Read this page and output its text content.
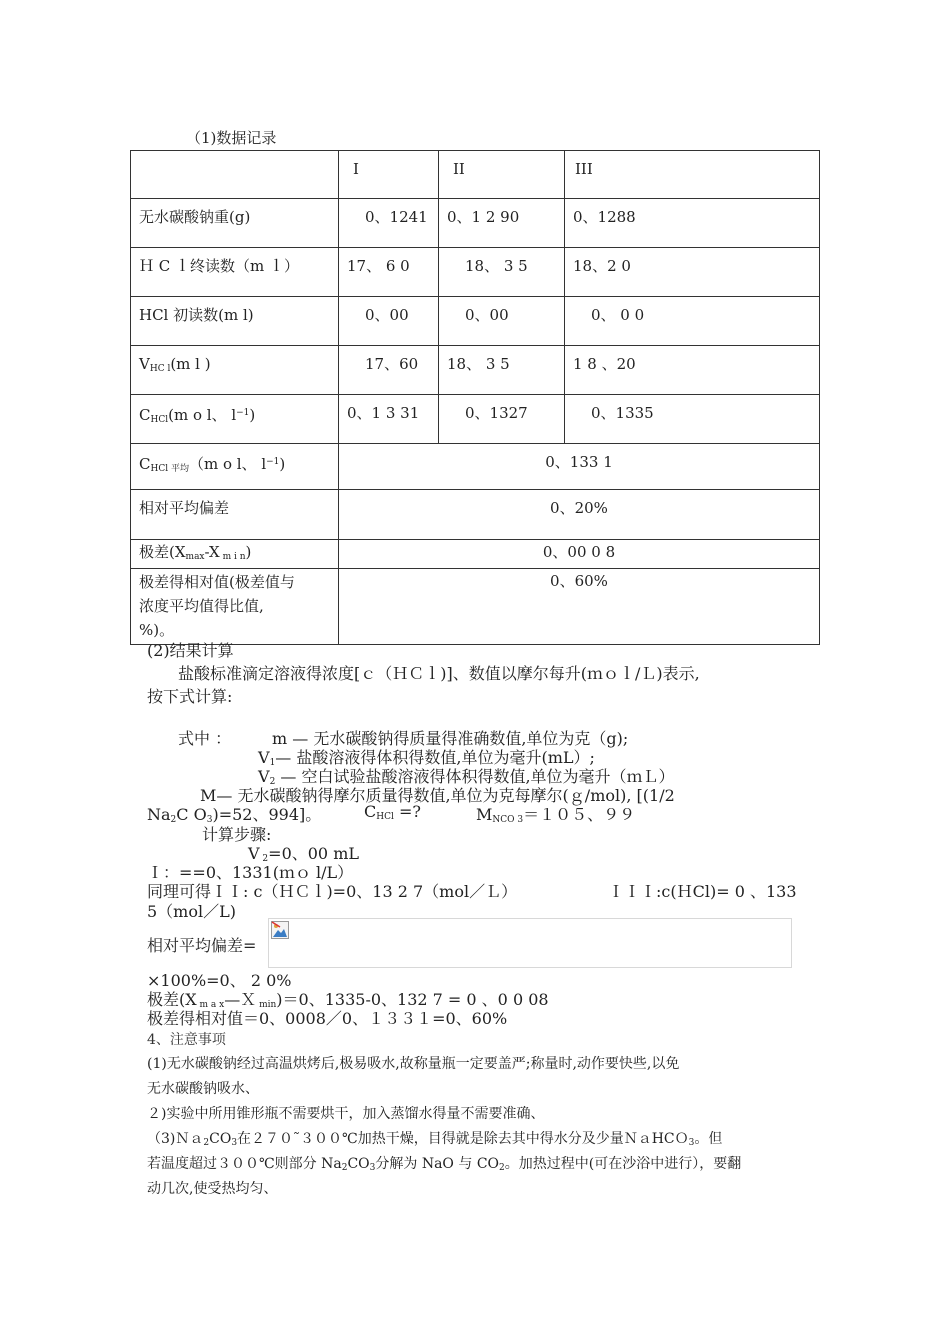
（1)数据记录
	I	II	III
无水碳酸钠重(g)	0、1241	0、1 2 90	0、1288
Ｈ C ｌ终读数（m ｌ）	17、 6 0	18、 3 5	18、2 0
HCl 初读数(m l)	0、00	0、00	0、 0 0
$V_{HC l}(m$ l )	17、60	18、 3 5	1 8 、20
$C_{HCl}(m$ o l、 $l^{-1}$)	0、1 3 31	0、1327	0、1335
$C_{HCl 平均}(m$ o l、 $l^{-1}$)	0、133 1		
相对平均偏差	0、20%		
极差($X_{max}-X$ $_{m i n}$)	0、00 0 8		

极差得相对值(极差值与
浓度平均值得比值,
%)。	0、60%		
(2)结果计算
盐酸标准滴定溶液得浓度[ｃ（ＨＣｌ)]、数值以摩尔每升(ｍｏｌ/Ｌ)表示,
按下式计算:
式中 ：	m — 无水碳酸钠得质量得准确数值,单位为克（g);
$V_1—$ 盐酸溶液得体积得数值,单位为毫升(mL）;
$V_2$ — 空白试验盐酸溶液得体积得数值,单位为毫升（ｍＬ）
M— 无水碳酸钠得摩尔质量得数值,单位为克每摩尔(ｇ/mol), [(1/2
$Na_2C$ $O_3)=52$、994]。	$C_{HCl}$ =?	$M_{NCO 3}=105$、９９
计算步骤:
V $_2$=0、00 mL
Ｉ：==0、1331(ｍｏ l/L）
同理可得ＩＩ: c（ＨＣｌ)=0、13 2 7（mol／Ｌ）	ＩＩＩ:c(ＨCl)= 0 、133
5（mol／L)
相对平均偏差=
×100%=0、 2 0%
极差(X $_{m a x}$—Ｘ $_{min}$)＝0、1335-0、132 7 = 0 、0 0 08
极差得相对值＝0、0008／0、１３３１=0、60%
4、注意事项
(1)无水碳酸钠经过高温烘烤后,极易吸水,故称量瓶一定要盖严;称量时,动作要快些,以免
无水碳酸钠吸水、
２)实验中所用锥形瓶不需要烘干，加入蒸馏水得量不需要准确、
$(3)Na_2CO_3$在２７０˜３００℃加热干燥，目得就是除去其中得水分及少量ＮａHCＯ$_3$。但
若温度超过３００℃则部分 $Na_2CO_3$分解为 NaO 与 $CO_2$。加热过程中(可在沙浴中进行），要翻
动几次,使受热均匀、
